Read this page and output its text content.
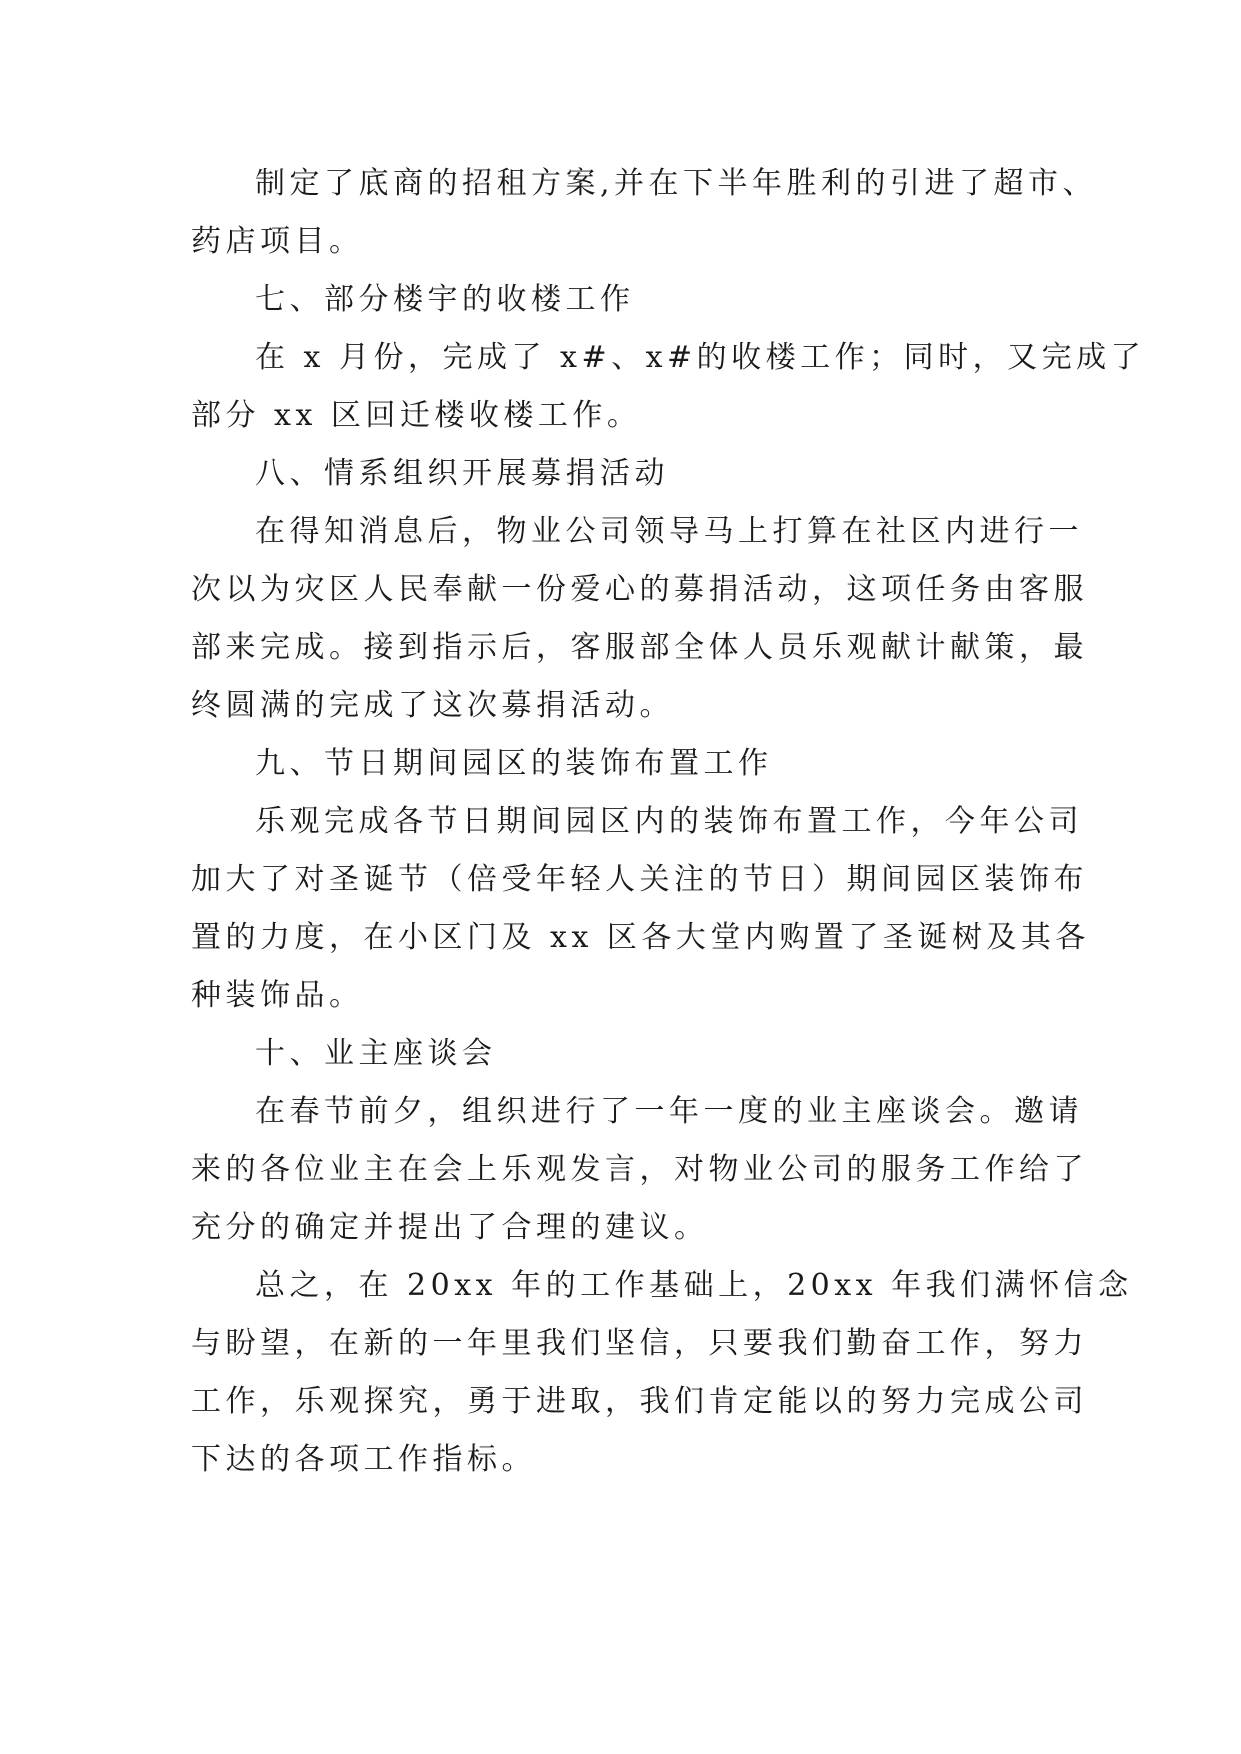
制定了底商的招租方案,并在下半年胜利的引进了超市、
药店项目。

七、部分楼宇的收楼工作

在 x 月份，完成了 x#、x#的收楼工作；同时，又完成了
部分 xx 区回迁楼收楼工作。

八、情系组织开展募捐活动

在得知消息后，物业公司领导马上打算在社区内进行一
次以为灾区人民奉献一份爱心的募捐活动，这项任务由客服
部来完成。接到指示后，客服部全体人员乐观献计献策，最
终圆满的完成了这次募捐活动。

九、节日期间园区的装饰布置工作

乐观完成各节日期间园区内的装饰布置工作，今年公司
加大了对圣诞节（倍受年轻人关注的节日）期间园区装饰布
置的力度，在小区门及 xx 区各大堂内购置了圣诞树及其各
种装饰品。

十、业主座谈会

在春节前夕，组织进行了一年一度的业主座谈会。邀请
来的各位业主在会上乐观发言，对物业公司的服务工作给了
充分的确定并提出了合理的建议。

总之，在 20xx 年的工作基础上，20xx 年我们满怀信念
与盼望，在新的一年里我们坚信，只要我们勤奋工作，努力
工作，乐观探究，勇于进取，我们肯定能以的努力完成公司
下达的各项工作指标。
